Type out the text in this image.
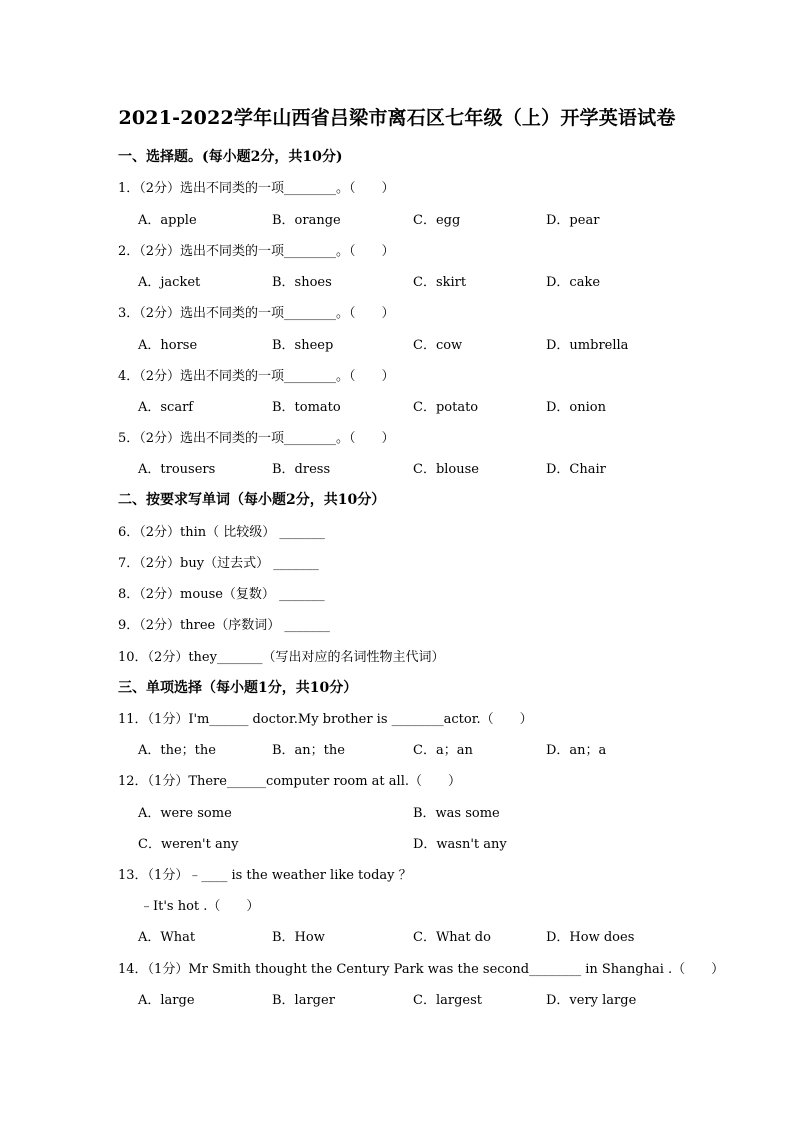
2021-2022学年山西省吕梁市离石区七年级（上）开学英语试卷
一、选择题。(每小题2分，共10分)
1．（2分）选出不同类的一项________。（　　）
A．apple	B．orange	C．egg	D．pear
2．（2分）选出不同类的一项________。（　　）
A．jacket	B．shoes	C．skirt	D．cake
3．（2分）选出不同类的一项________。（　　）
A．horse	B．sheep	C．cow	D．umbrella
4．（2分）选出不同类的一项________。（　　）
A．scarf	B．tomato	C．potato	D．onion
5．（2分）选出不同类的一项________。（　　）
A．trousers	B．dress	C．blouse	D．Chair
二、按要求写单词（每小题2分，共10分）
6．（2分）thin（ 比较级） _______
7．（2分）buy（过去式） _______
8．（2分）mouse（复数） _______
9．（2分）three（序数词） _______
10．（2分）they_______（写出对应的名词性物主代词）
三、单项选择（每小题1分，共10分）
11．（1分）I'm______ doctor.My brother is ________actor.（　　）
A．the；the	B．an；the	C．a；an	D．an；a
12．（1分）There______computer room at all.（　　）
A．were some	B．was some
C．weren't any	D．wasn't any
13．（1分）﹣____ is the weather like today ？
﹣It's hot .（　　）
A．What	B．How	C．What do	D．How does
14．（1分）Mr Smith thought the Century Park was the second________ in Shanghai .（　　）
A．large	B．larger	C．largest	D．very large
